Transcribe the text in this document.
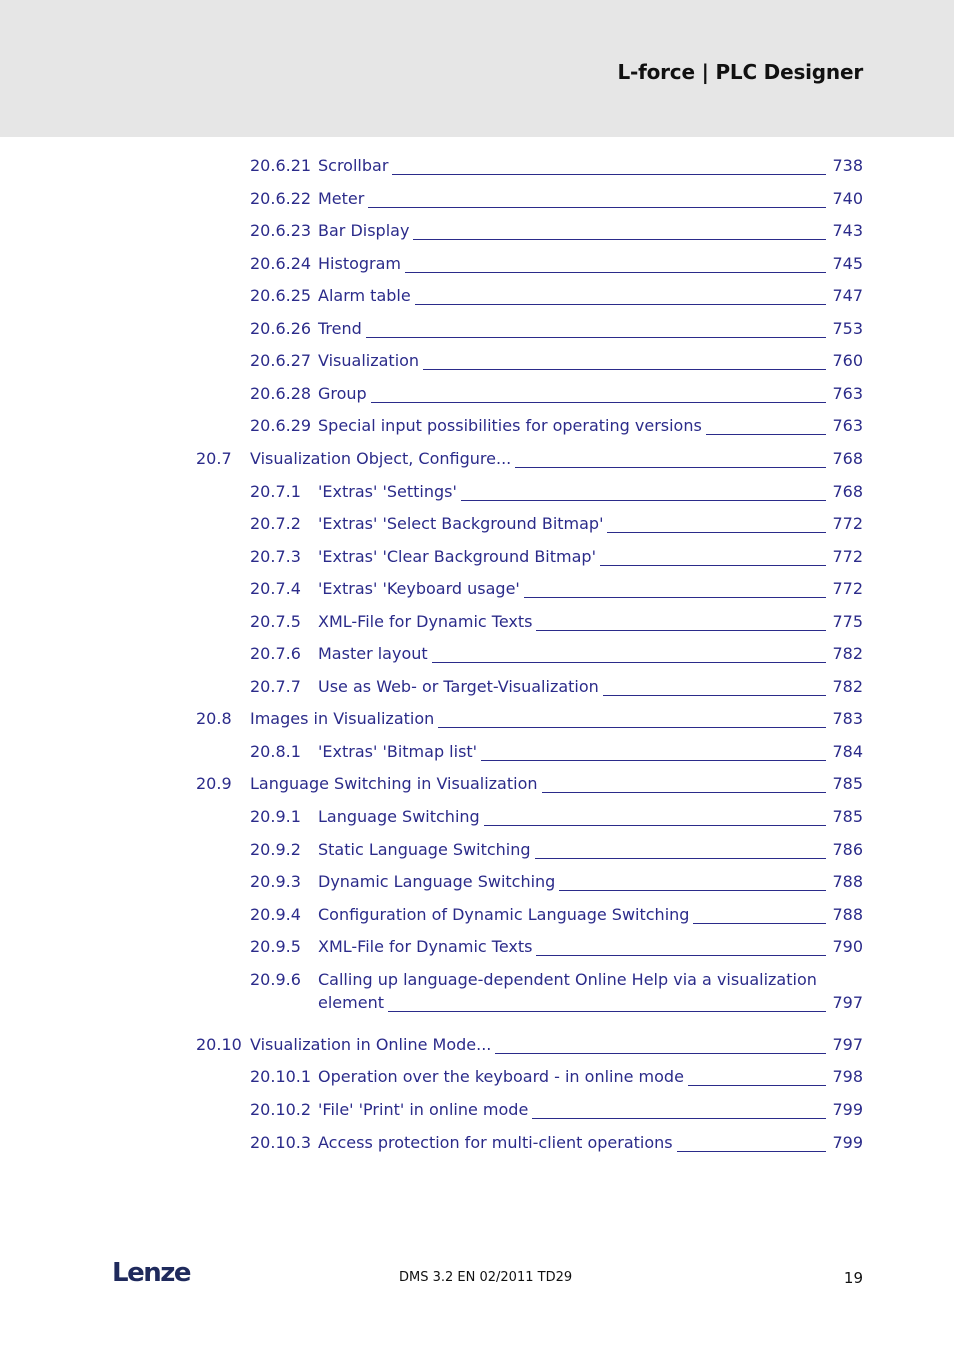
L-force | PLC Designer
20.6.21 Scrollbar	738
20.6.22 Meter	740
20.6.23 Bar Display	743
20.6.24 Histogram	745
20.6.25 Alarm table	747
20.6.26 Trend	753
20.6.27 Visualization	760
20.6.28 Group	763
20.6.29 Special input possibilities for operating versions	763
20.7 Visualization Object, Configure...	768
20.7.1 'Extras' 'Settings'	768
20.7.2 'Extras' 'Select Background Bitmap'	772
20.7.3 'Extras' 'Clear Background Bitmap'	772
20.7.4 'Extras' 'Keyboard usage'	772
20.7.5 XML-File for Dynamic Texts	775
20.7.6 Master layout	782
20.7.7 Use as Web- or Target-Visualization	782
20.8 Images in Visualization	783
20.8.1 'Extras' 'Bitmap list'	784
20.9 Language Switching in Visualization	785
20.9.1 Language Switching	785
20.9.2 Static Language Switching	786
20.9.3 Dynamic Language Switching	788
20.9.4 Configuration of Dynamic Language Switching	788
20.9.5 XML-File for Dynamic Texts	790
20.9.6 Calling up language-dependent Online Help via a visualization
element	797
20.10 Visualization in Online Mode...	797
20.10.1 Operation over the keyboard - in online mode	798
20.10.2 'File' 'Print' in online mode	799
20.10.3 Access protection for multi-client operations	799
Lenze	DMS 3.2 EN 02/2011 TD29	19
